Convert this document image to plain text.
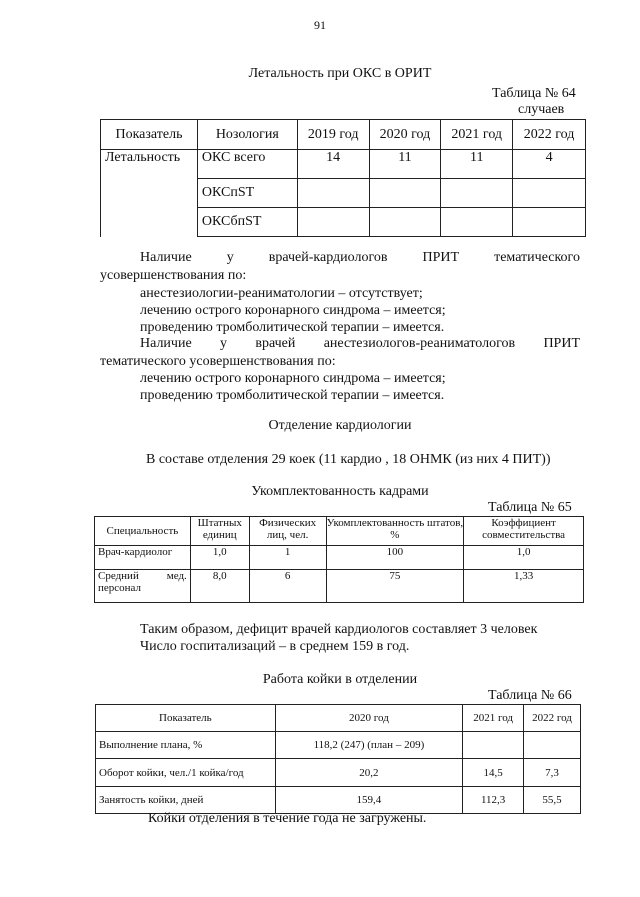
91
Летальность при ОКС в ОРИТ
Таблица № 64
случаев
Показатель	Нозология	2019 год	2020 год	2021 год	2022 год
Летальность	ОКС всего	14	11	11	4
	ОКСпST				
	ОКСбпST				
Наличие	у	врачей-кардиологов	ПРИТ	тематического
усовершенствования по:
анестезиологии-реаниматологии – отсутствует;
лечению острого коронарного синдрома – имеется;
проведению тромболитической терапии – имеется.
Наличие у врачей анестезиологов-реаниматологов ПРИТ
тематического усовершенствования по:
лечению острого коронарного синдрома – имеется;
проведению тромболитической терапии – имеется.
Отделение кардиологии
В составе отделения 29 коек (11 кардио , 18 ОНМК (из них 4 ПИТ))
Укомплектованность кадрами
Таблица № 65
Специальность	Штатных единиц	Физических лиц, чел.	Укомплектованность штатов, %	Коэффициент совместительства
Врач-кардиолог	1,0	1	100	1,0
Средний мед. персонал	8,0	6	75	1,33
Таким образом, дефицит врачей кардиологов составляет 3 человек
Число госпитализаций – в среднем 159 в год.
Работа койки в отделении
Таблица № 66
Показатель	2020 год	2021 год	2022 год
Выполнение плана, %	118,2 (247) (план – 209)		
Оборот койки, чел./1 койка/год	20,2	14,5	7,3
Занятость койки, дней	159,4	112,3	55,5
Койки отделения в течение года не загружены.
